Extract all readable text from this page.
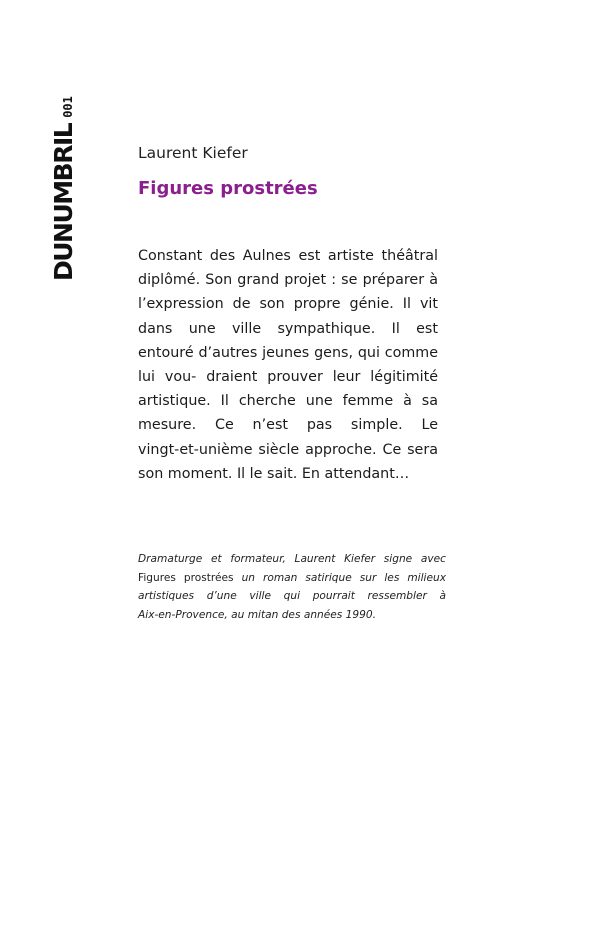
DUNUMBRIL
001
Laurent Kiefer
Figures prostrées
Constant des Aulnes est artiste théâtral diplômé. Son grand projet : se préparer à l’expression de son propre génie. Il vit dans une ville sympathique. Il est entouré d’autres jeunes gens, qui comme lui vou‑ draient prouver leur légitimité artistique. Il cherche une femme à sa mesure. Ce n’est pas simple. Le vingt‑et‑unième siècle approche. Ce sera son moment. Il le sait. En attendant…
Dramaturge et formateur, Laurent Kiefer signe avec Figures prostrées un roman satirique sur les milieux artistiques d’une ville qui pourrait ressembler à Aix‑en‑Provence, au mitan des années 1990.
